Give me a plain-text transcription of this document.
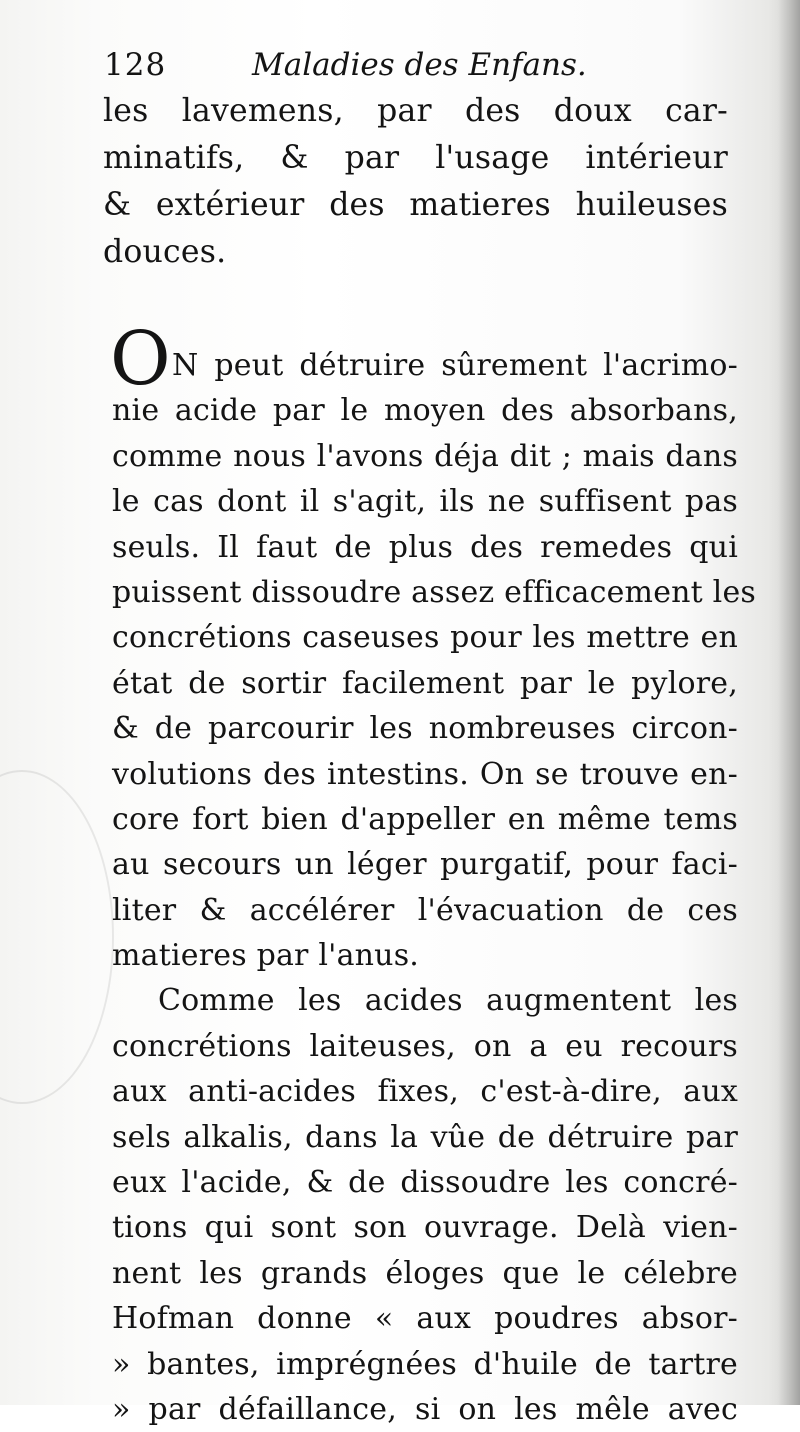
128	Maladies des Enfans.
les lavemens, par des doux car-
minatifs, & par l'usage intérieur
& extérieur des matieres huileuses
douces.
O N peut détruire sûrement l'acrimo-
nie acide par le moyen des absorbans,
comme nous l'avons déja dit ; mais dans
le cas dont il s'agit, ils ne suffisent pas
seuls. Il faut de plus des remedes qui
puissent dissoudre assez efficacement les
concrétions caseuses pour les mettre en
état de sortir facilement par le pylore,
& de parcourir les nombreuses circon-
volutions des intestins. On se trouve en-
core fort bien d'appeller en même tems
au secours un léger purgatif, pour faci-
liter & accélérer l'évacuation de ces
matieres par l'anus.
Comme les acides augmentent les
concrétions laiteuses, on a eu recours
aux anti-acides fixes, c'est-à-dire, aux
sels alkalis, dans la vûe de détruire par
eux l'acide, & de dissoudre les concré-
tions qui sont son ouvrage. Delà vien-
nent les grands éloges que le célebre
Hofman donne « aux poudres absor-
» bantes, imprégnées d'huile de tartre
» par défaillance, si on les mêle avec
